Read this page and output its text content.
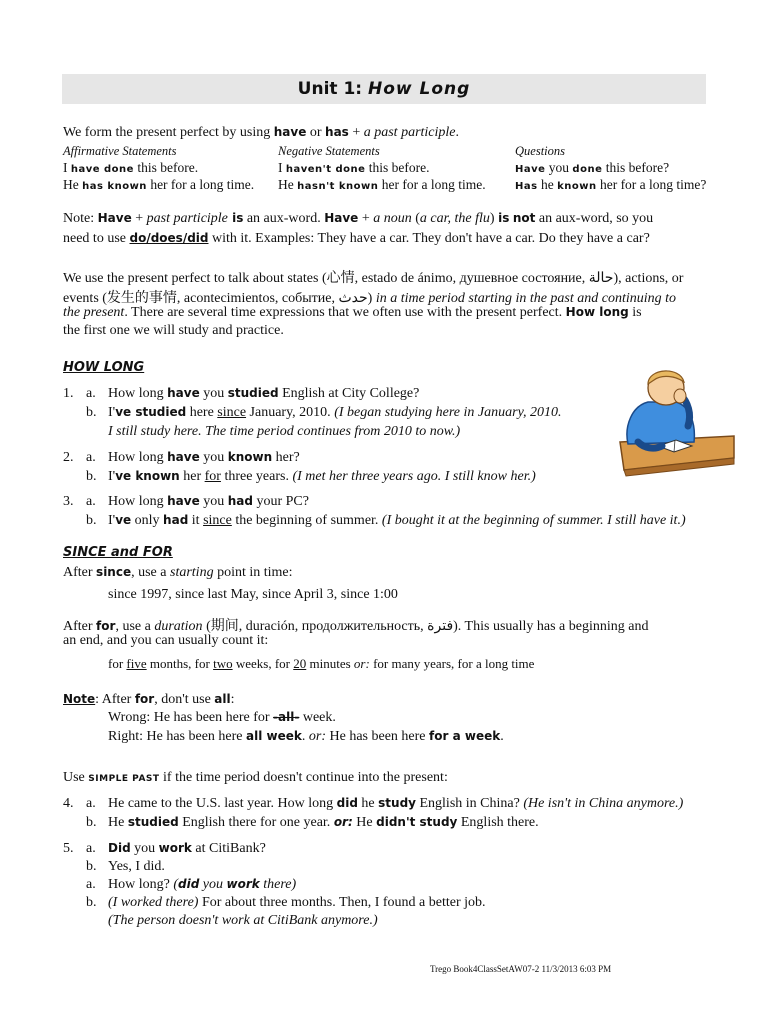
Unit 1: How Long
We form the present perfect by using have or has + a past participle.
Affirmative Statements	Negative Statements	Questions
I have done this before.
He has known her for a long time.
I haven't done this before.
He hasn't known her for a long time.
Have you done this before?
Has he known her for a long time?
Note: Have + past participle is an aux-word. Have + a noun (a car, the flu) is not an aux-word, so you
need to use do/does/did with it. Examples: They have a car. They don't have a car. Do they have a car?
We use the present perfect to talk about states (心情, estado de ánimo, душевное состояние, حالة), actions, or
events (发生的事情, acontecimientos, событие, حدث) in a time period starting in the past and continuing to
the present. There are several time expressions that we often use with the present perfect. How long is
the first one we will study and practice.
HOW LONG
1. a. How long have you studied English at City College?
b. I've studied here since January, 2010. (I began studying here in January, 2010.
I still study here. The time period continues from 2010 to now.)
2. a. How long have you known her?
b. I've known her for three years. (I met her three years ago. I still know her.)
3. a. How long have you had your PC?
b. I've only had it since the beginning of summer. (I bought it at the beginning of summer. I still have it.)
SINCE and FOR
After since, use a starting point in time:
since 1997, since last May, since April 3, since 1:00
After for, use a duration (期间, duración, продолжительность, فترة). This usually has a beginning and
an end, and you can usually count it:
for five months, for two weeks, for 20 minutes or: for many years, for a long time
Note: After for, don't use all:
Wrong: He has been here for -all- week.
Right: He has been here all week. or: He has been here for a week.
Use SIMPLE PAST if the time period doesn't continue into the present:
4. a. He came to the U.S. last year. How long did he study English in China? (He isn't in China anymore.)
b. He studied English there for one year. or: He didn't study English there.
5. a. Did you work at CitiBank?
b. Yes, I did.
a. How long? (did you work there)
b. (I worked there) For about three months. Then, I found a better job.
(The person doesn't work at CitiBank anymore.)
Trego Book4ClassSetAW07-2 11/3/2013 6:03 PM
